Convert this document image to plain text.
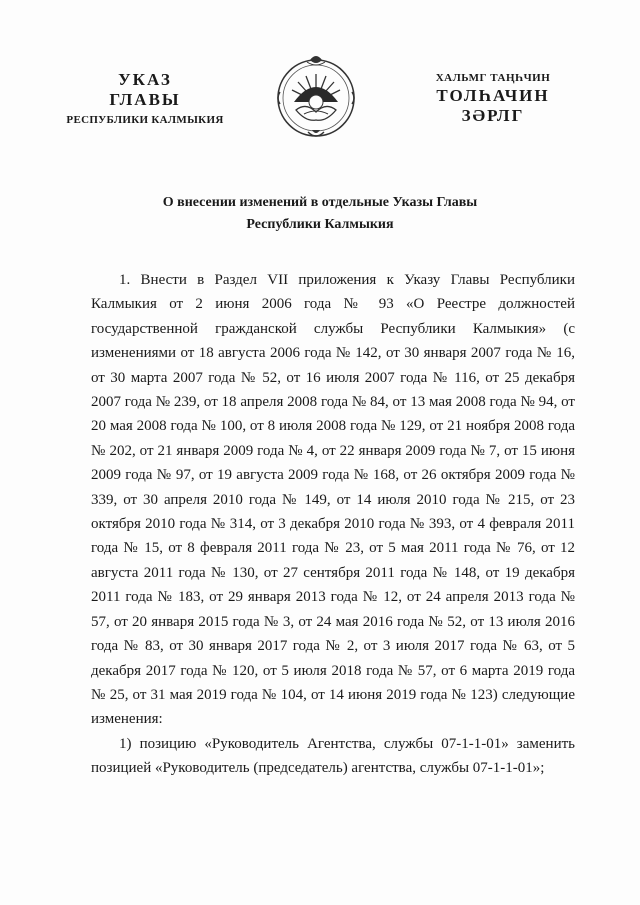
УКАЗ
ГЛАВЫ
РЕСПУБЛИКИ КАЛМЫКИЯ
ХАЛЬМГ ТАҢҺЧИН
ТОЛҺАЧИН
ЗӘРЛГ
О внесении изменений в отдельные Указы Главы
Республики Калмыкия

1. Внести в Раздел VII приложения к Указу Главы Республики Калмыкия от 2 июня 2006 года № 93 «О Реестре должностей государственной гражданской службы Республики Калмыкия» (с изменениями от 18 августа 2006 года № 142, от 30 января 2007 года № 16, от 30 марта 2007 года № 52, от 16 июля 2007 года № 116, от 25 декабря 2007 года № 239, от 18 апреля 2008 года № 84, от 13 мая 2008 года № 94, от 20 мая 2008 года № 100, от 8 июля 2008 года № 129, от 21 ноября 2008 года № 202, от 21 января 2009 года № 4, от 22 января 2009 года № 7, от 15 июня 2009 года № 97, от 19 августа 2009 года № 168, от 26 октября 2009 года № 339, от 30 апреля 2010 года № 149, от 14 июля 2010 года № 215, от 23 октября 2010 года № 314, от 3 декабря 2010 года № 393, от 4 февраля 2011 года № 15, от 8 февраля 2011 года № 23, от 5 мая 2011 года № 76, от 12 августа 2011 года № 130, от 27 сентября 2011 года № 148, от 19 декабря 2011 года № 183, от 29 января 2013 года № 12, от 24 апреля 2013 года № 57, от 20 января 2015 года № 3, от 24 мая 2016 года № 52, от 13 июля 2016 года № 83, от 30 января 2017 года № 2, от 3 июля 2017 года № 63, от 5 декабря 2017 года № 120, от 5 июля 2018 года № 57, от 6 марта 2019 года № 25, от 31 мая 2019 года № 104, от 14 июня 2019 года № 123) следующие изменения:

1) позицию «Руководитель Агентства, службы 07-1-1-01» заменить позицией «Руководитель (председатель) агентства, службы 07-1-1-01»;
